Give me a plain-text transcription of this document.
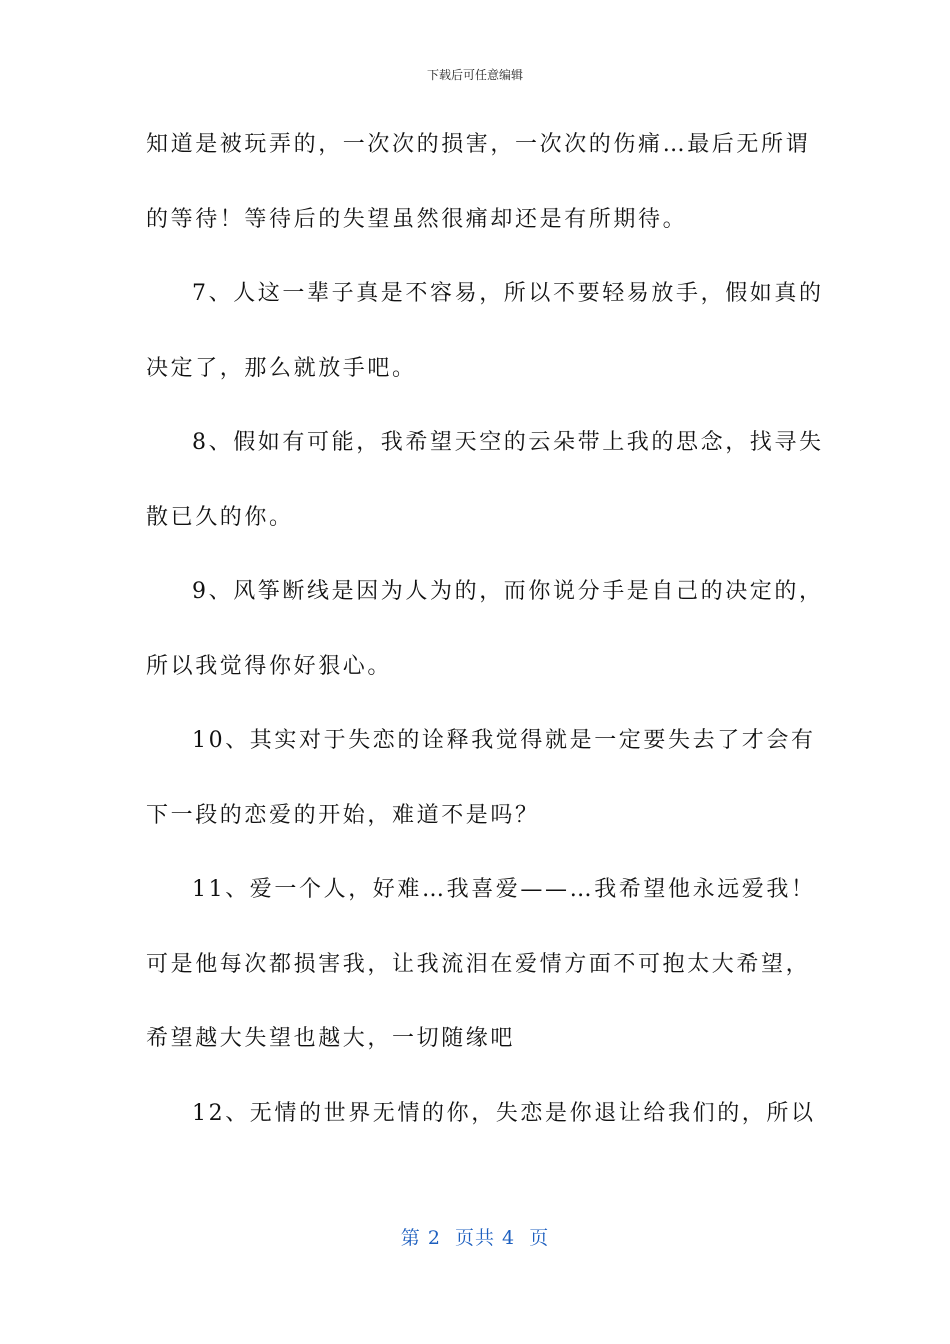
下载后可任意编辑
知道是被玩弄的，一次次的损害，一次次的伤痛…最后无所谓
的等待！等待后的失望虽然很痛却还是有所期待。
7、人这一辈子真是不容易，所以不要轻易放手，假如真的
决定了，那么就放手吧。
8、假如有可能，我希望天空的云朵带上我的思念，找寻失
散已久的你。
9、风筝断线是因为人为的，而你说分手是自己的决定的，
所以我觉得你好狠心。
10、其实对于失恋的诠释我觉得就是一定要失去了才会有
下一段的恋爱的开始，难道不是吗？
11、爱一个人，好难…我喜爱——…我希望他永远爱我！
可是他每次都损害我，让我流泪在爱情方面不可抱太大希望，
希望越大失望也越大，一切随缘吧
12、无情的世界无情的你，失恋是你退让给我们的，所以
第 2  页共 4  页
